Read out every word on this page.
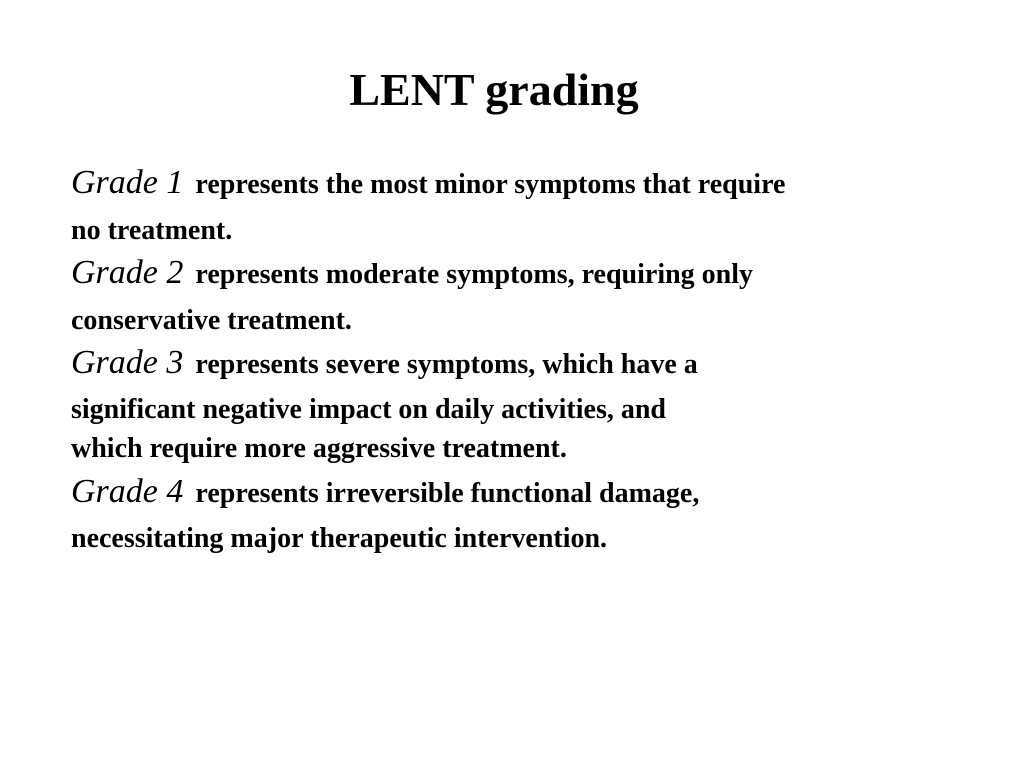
LENT grading
Grade 1 represents the most minor symptoms that require
no treatment.
Grade 2 represents moderate symptoms, requiring only
conservative treatment.
Grade 3 represents severe symptoms, which have a
significant negative impact on daily activities, and
which require more aggressive treatment.
Grade 4 represents irreversible functional damage,
necessitating major therapeutic intervention.
